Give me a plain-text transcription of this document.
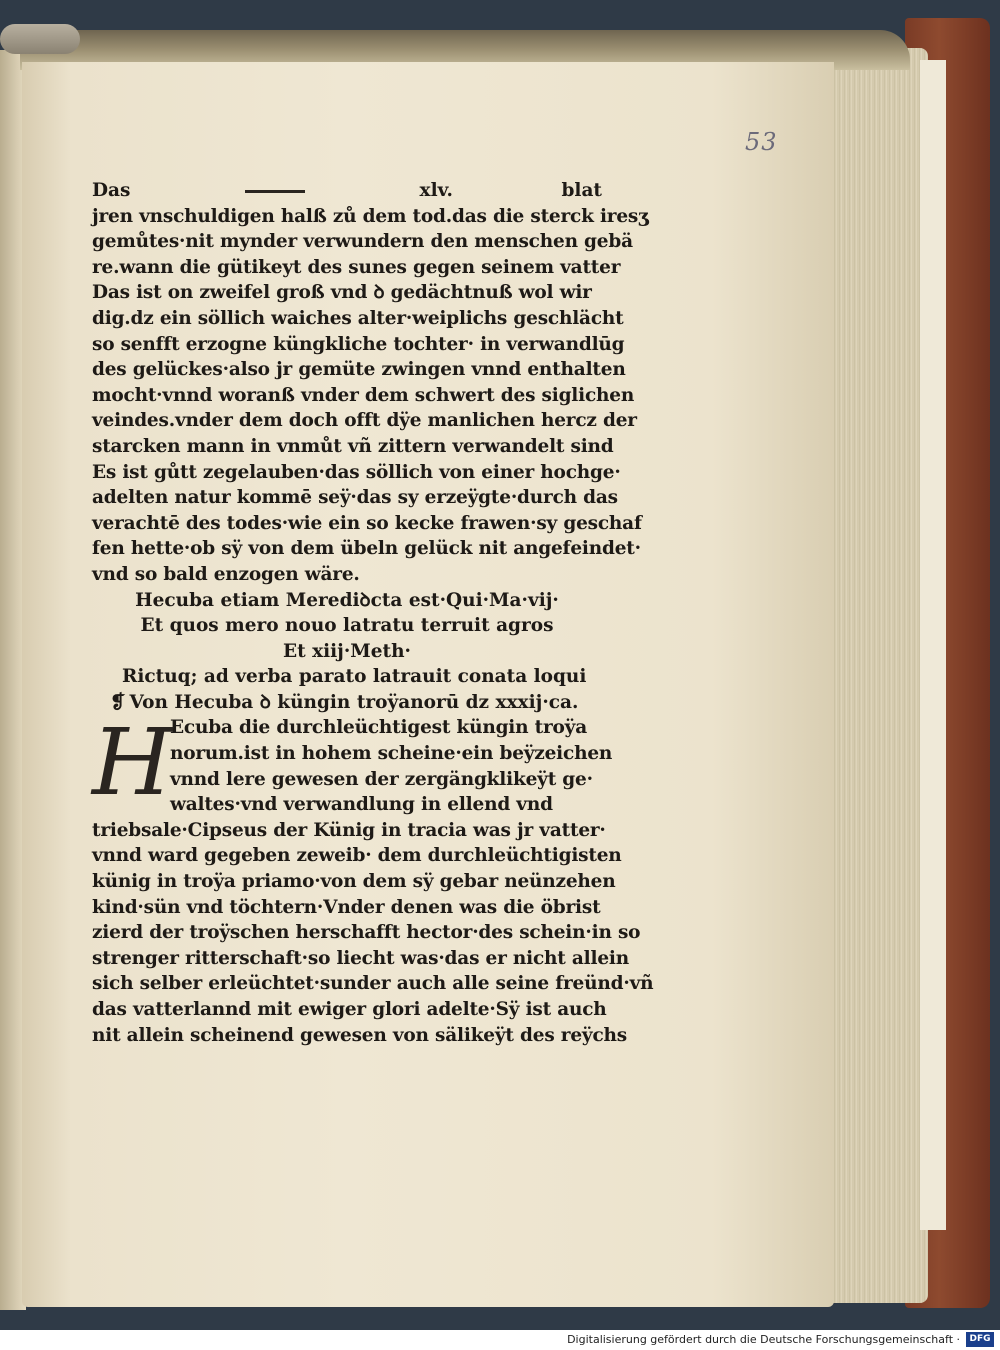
53
Das	xlv.	blat
jren vnschuldigen halß zů dem tod.das die sterck iresʒ
gemůtes·nit mynder verwundern den menschen gebä
re.wann die gütikeyt des sunes gegen seinem vatter
Das ist on zweifel groß vnd ꝺ gedächtnuß wol wir
dig.dz ein söllich waiches alter·weiplichs geschlächt
so senfft erzogne küngkliche tochter· in verwandlūg
des gelückes·also jr gemüte zwingen vnnd enthalten
mocht·vnnd woranß vnder dem schwert des siglichen
veindes.vnder dem doch offt dÿe manlichen hercz der
starcken mann in vnmůt vñ zittern verwandelt sind
Es ist gůtt zegelauben·das söllich von einer hochge·
adelten natur kommē seÿ·das sy erzeÿgte·durch das
verachtē des todes·wie ein so kecke frawen·sy geschaf
fen hette·ob sÿ von dem übeln gelück nit angefeindet·
vnd so bald enzogen wäre.
Hecuba etiam Merediꝺcta est·Qui·Ma·vij·
Et quos mero nouo latratu terruit agros
Et xiij·Meth·
Rictuq; ad verba parato latrauit conata loqui
❡ Von Hecuba ꝺ küngin troÿanorū dz xxxij·ca.
H
Ecuba die durchleüchtigest küngin troÿa
norum.ist in hohem scheine·ein beÿzeichen
vnnd lere gewesen der zergängklikeÿt ge·
waltes·vnd verwandlung in ellend vnd
triebsale·Cipseus der Künig in tracia was jr vatter·
vnnd ward gegeben zeweib· dem durchleüchtigisten
künig in troÿa priamo·von dem sÿ gebar neünzehen
kind·sün vnd töchtern·Vnder denen was die öbrist
zierd der troÿschen herschafft hector·des schein·in so
strenger ritterschaft·so liecht was·das er nicht allein
sich selber erleüchtet·sunder auch alle seine freünd·vñ
das vatterlannd mit ewiger glori adelte·Sÿ ist auch
nit allein scheinend gewesen von sälikeÿt des reÿchs
Digitalisierung gefördert durch die Deutsche Forschungsgemeinschaft ·	DFG
